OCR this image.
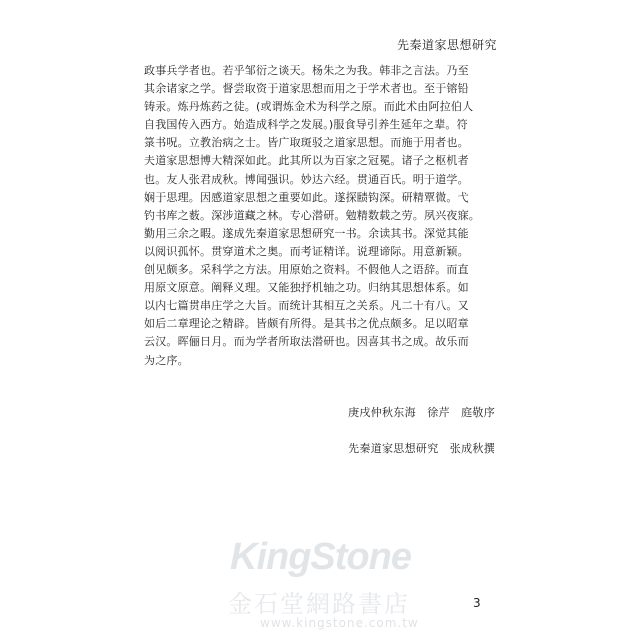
先秦道家思想研究
政事兵学者也。若乎邹衍之谈天。杨朱之为我。韩非之言法。乃至
其余诸家之学。督尝取资于道家思想而用之于学术者也。至于镕铅
铸汞。炼丹炼药之徒。(或谓炼金术为科学之原。而此术由阿拉伯人
自我国传入西方。始造成科学之发展。)服食导引养生延年之辈。符
箓书呪。立教治病之士。皆广取斑驳之道家思想。而施于用者也。
夫道家思想博大精深如此。此其所以为百家之冠冕。诸子之枢机者
也。友人张君成秋。博闻强识。妙达六经。贯通百氏。明于道学。
娴于思理。因感道家思想之重要如此。遂探赜钩深。研精覃微。弋
钓书库之薮。深涉道藏之林。专心潜研。勉精数载之劳。夙兴夜寐。
勤用三余之暇。遂成先秦道家思想研究一书。余读其书。深觉其能
以阅识孤怀。贯穿道术之奥。而考证精详。说理谛际。用意新颖。
创见颇多。采科学之方法。用原始之资料。不假他人之语辞。而直
用原文原意。阐释义理。又能独抒机轴之功。归纳其思想体系。如
以内七篇贯串庄学之大旨。而统计其相互之关系。凡二十有八。又
如后二章理论之精辟。皆颇有所得。是其书之优点颇多。足以昭章
云汉。晖俪日月。而为学者所取法潜研也。因喜其书之成。故乐而
为之序。
庚戌仲秋东海　徐芹　庭敬序
先秦道家思想研究　张成秋撰
KingStone
金石堂網路書店
www.kingstone.com.tw
3
